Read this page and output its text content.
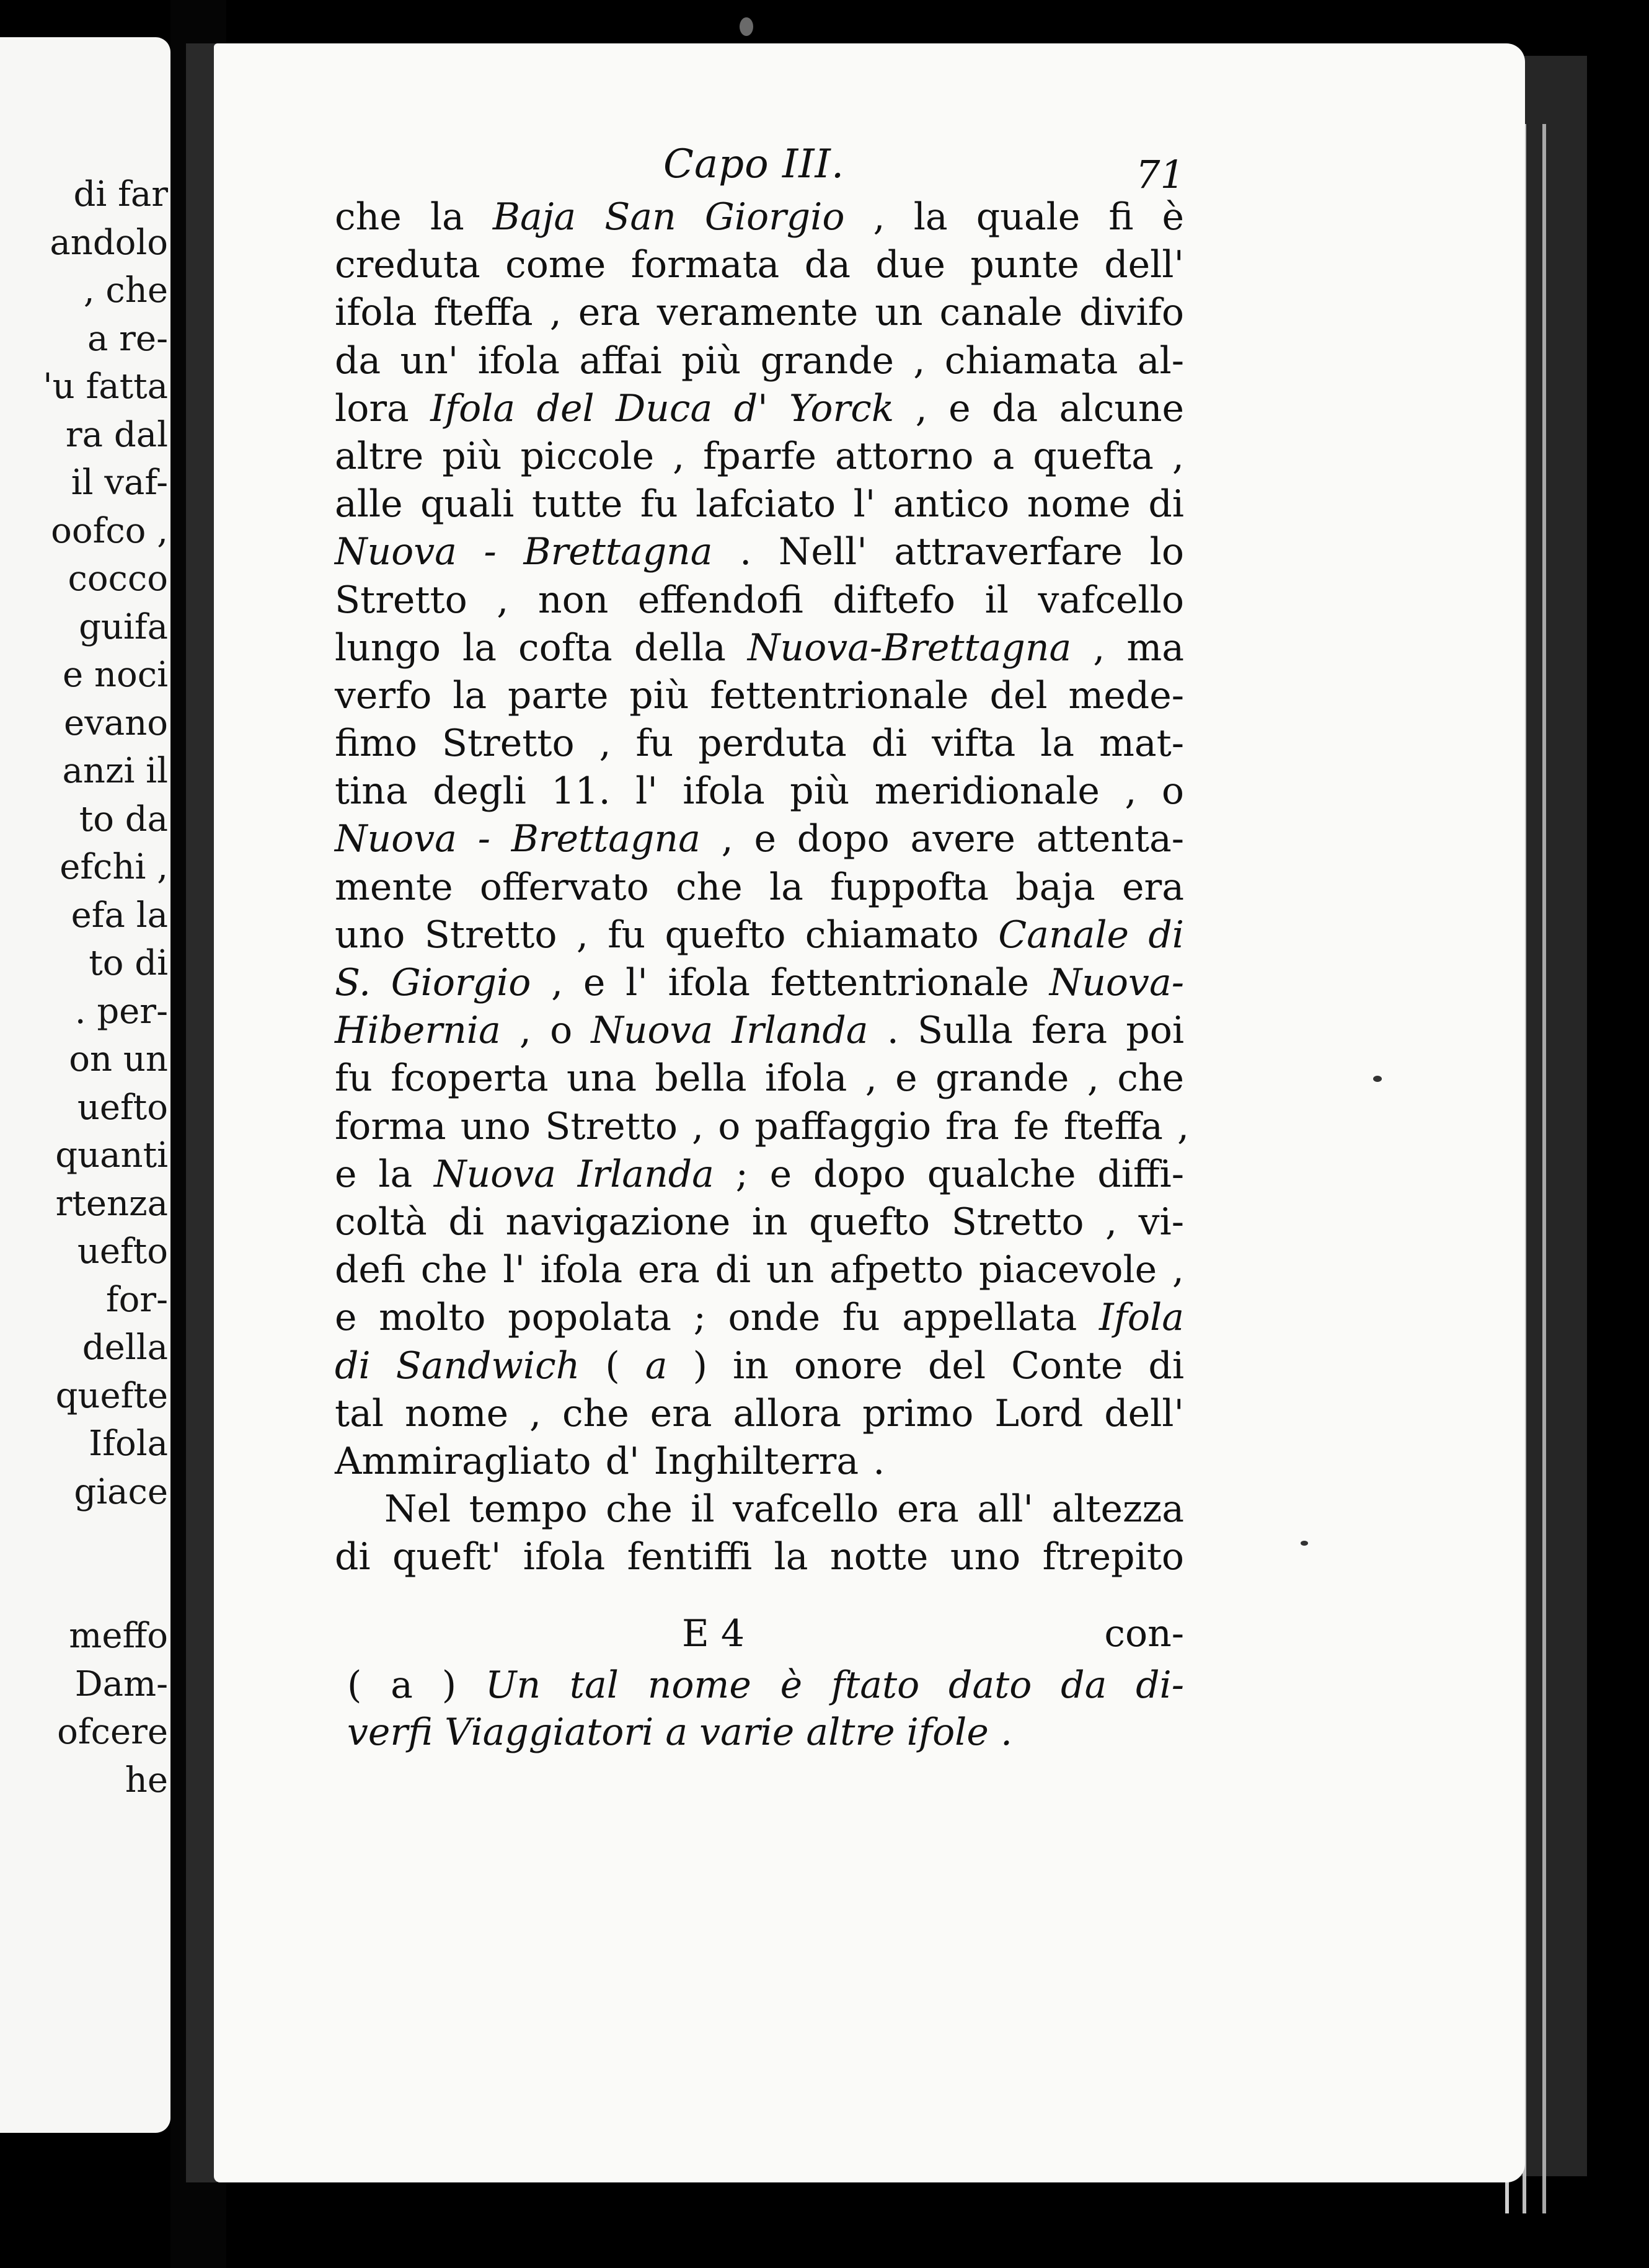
di far
andolo
, che
a re-
'u fatta
ra dal
il vaf-
oofco ,
cocco
guifa
e noci
evano
anzi il
to da
efchi ,
efa la
to di
. per-
on un
uefto
quanti
rtenza
uefto
for-
della
quefte
Ifola
giace
meffo
Dam-
ofcere
he
Capo III.	71
che la Baja San Giorgio , la quale fi è
creduta come formata da due punte dell'
ifola fteffa , era veramente un canale divifo
da un' ifola affai più grande , chiamata al-
lora Ifola del Duca d' Yorck , e da alcune
altre più piccole , fparfe attorno a quefta ,
alle quali tutte fu lafciato l' antico nome di
Nuova - Brettagna . Nell' attraverfare lo
Stretto , non effendofi diftefo il vafcello
lungo la cofta della Nuova-Brettagna , ma
verfo la parte più fettentrionale del mede-
fimo Stretto , fu perduta di vifta la mat-
tina degli 11. l' ifola più meridionale , o
Nuova - Brettagna , e dopo avere attenta-
mente offervato che la fuppofta baja era
uno Stretto , fu quefto chiamato Canale di
S. Giorgio , e l' ifola fettentrionale Nuova-
Hibernia , o Nuova Irlanda . Sulla fera poi
fu fcoperta una bella ifola , e grande , che
forma uno Stretto , o paffaggio fra fe fteffa ,
e la Nuova Irlanda ; e dopo qualche diffi-
coltà di navigazione in quefto Stretto , vi-
defi che l' ifola era di un afpetto piacevole ,
e molto popolata ; onde fu appellata Ifola
di Sandwich ( a ) in onore del Conte di
tal nome , che era allora primo Lord dell'
Ammiragliato d' Inghilterra .
Nel tempo che il vafcello era all' altezza
di queft' ifola fentiffi la notte uno ftrepito
E 4	con-
( a ) Un tal nome è ftato dato da di-
verfi Viaggiatori a varie altre ifole .
